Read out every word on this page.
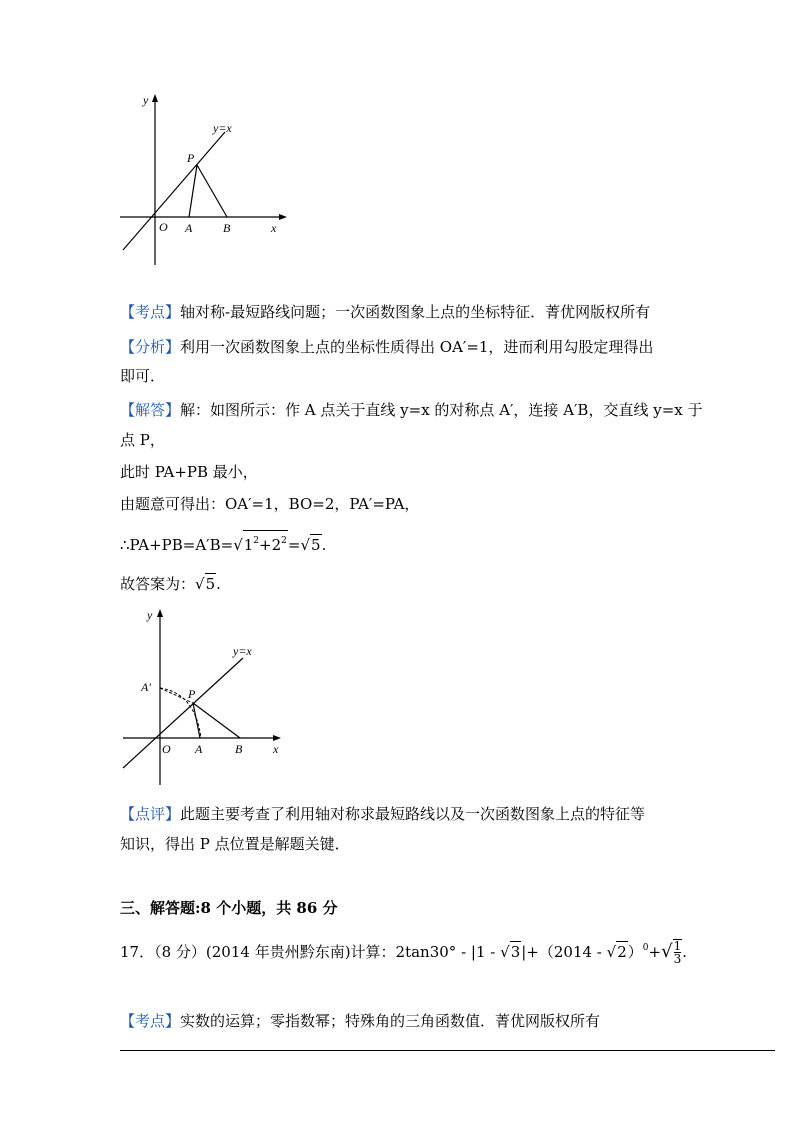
y
y=x
P
O A	B	x
【考点】轴对称-最短路线问题；一次函数图象上点的坐标特征．菁优网版权所有
【分析】利用一次函数图象上点的坐标性质得出 OA′=1，进而利用勾股定理得出
即可．
【解答】解：如图所示：作 A 点关于直线 y=x 的对称点 A′，连接 A′B，交直线 y=x 于
点 P，
此时 PA+PB 最小，
由题意可得出：OA′=1，BO=2，PA′=PA，
$\therefore PA+PB=A'B=√1^2+2^2=√5$.
故答案为：√5.
y
y=x
A′	P
O A	B	x
【点评】此题主要考查了利用轴对称求最短路线以及一次函数图象上点的特征等
知识，得出 P 点位置是解题关键．
三、解答题:8 个小题，共 86 分
17．（8 分）(2014 年贵州黔东南)计算：$2\tan 30^\circ - |1 - √3|+(2014 - √2)^0+√ \frac{1}{3}$ .
【考点】实数的运算；零指数幂；特殊角的三角函数值．菁优网版权所有
